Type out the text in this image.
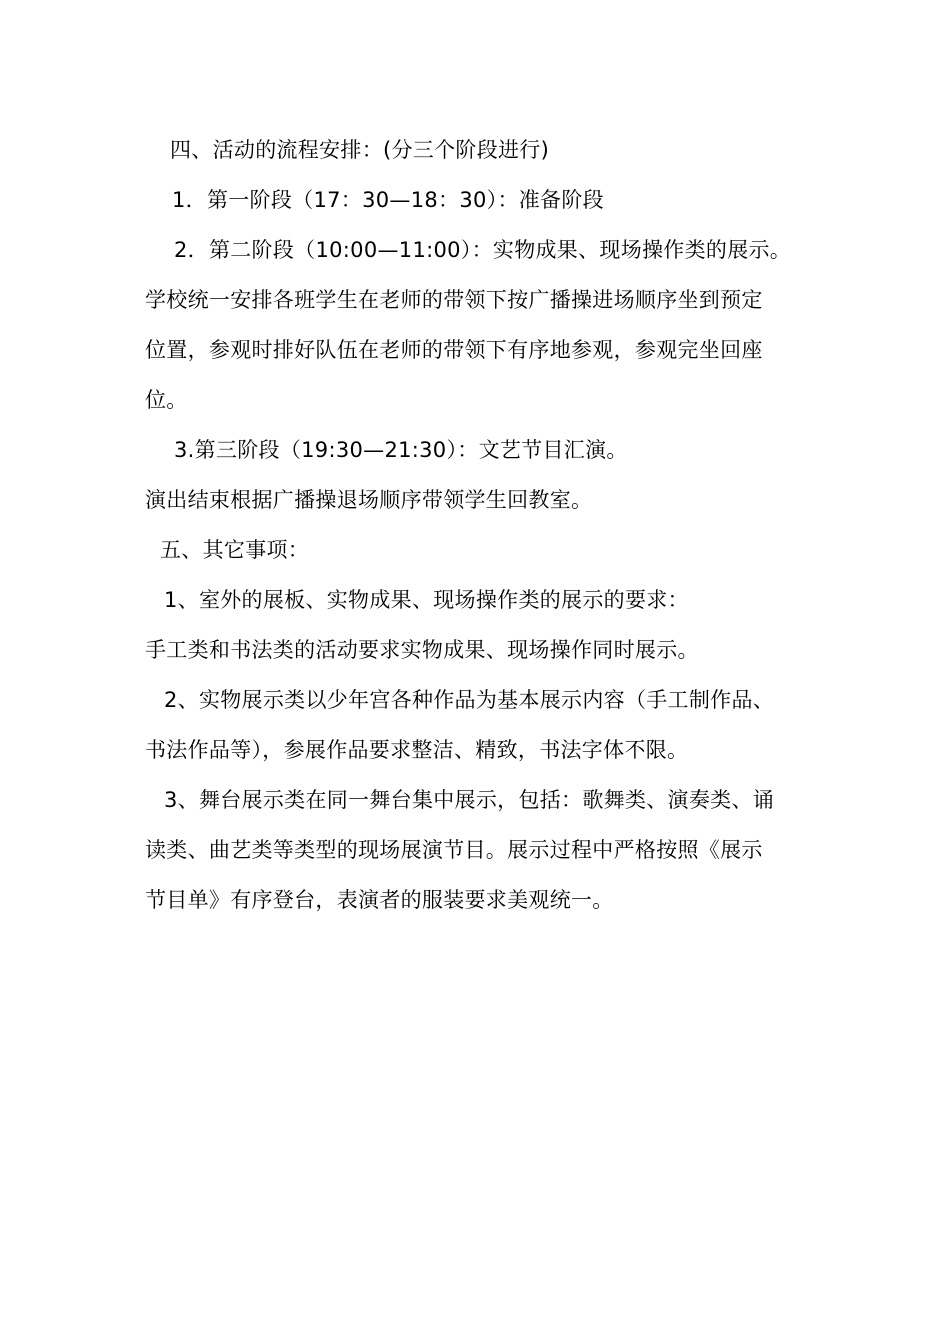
四、活动的流程安排：(分三个阶段进行)
1．第一阶段（17：30—18：30）：准备阶段
2．第二阶段（10:00—11:00）：实物成果、现场操作类的展示。
学校统一安排各班学生在老师的带领下按广播操进场顺序坐到预定
位置，参观时排好队伍在老师的带领下有序地参观，参观完坐回座
位。
3.第三阶段（19:30—21:30）：文艺节目汇演。
演出结束根据广播操退场顺序带领学生回教室。
五、其它事项：
1、室外的展板、实物成果、现场操作类的展示的要求：
手工类和书法类的活动要求实物成果、现场操作同时展示。
2、实物展示类以少年宫各种作品为基本展示内容（手工制作品、
书法作品等），参展作品要求整洁、精致，书法字体不限。
3、舞台展示类在同一舞台集中展示，包括：歌舞类、演奏类、诵
读类、曲艺类等类型的现场展演节目。展示过程中严格按照《展示
节目单》有序登台，表演者的服装要求美观统一。
